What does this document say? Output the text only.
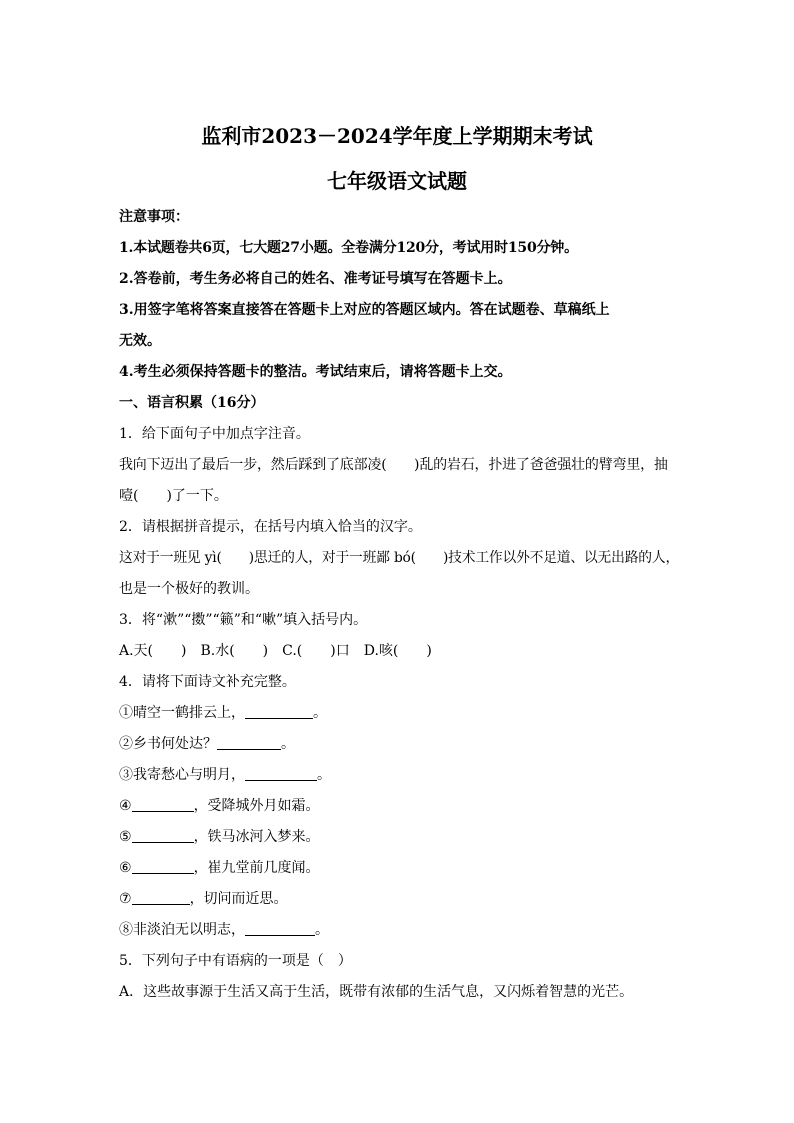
监利市2023－2024学年度上学期期末考试
七年级语文试题
注意事项：
1.本试题卷共6页，七大题27小题。全卷满分120分，考试用时150分钟。
2.答卷前，考生务必将自己的姓名、准考证号填写在答题卡上。
3.用签字笔将答案直接答在答题卡上对应的答题区域内。答在试题卷、草稿纸上
无效。
4.考生必须保持答题卡的整洁。考试结束后，请将答题卡上交。
一、语言积累（16分）
1．给下面句子中加点字注音。
我向下迈出了最后一步，然后踩到了底部凌(　　)乱的岩石，扑进了爸爸强壮的臂弯里，抽
噎(　　)了一下。
2．请根据拼音提示，在括号内填入恰当的汉字。
这对于一班见 yì(　　)思迁的人，对于一班鄙 bó(　　)技术工作以外不足道、以无出路的人，
也是一个极好的教训。
3．将“漱”“擞”“籁”和“嗽”填入括号内。
A.天(　　)　B.水(　　)　C.(　　)口　D.咳(　　)
4．请将下面诗文补充完整。
①晴空一鹤排云上，	。
②乡书何处达？	。
③我寄愁心与明月，	。
④	，受降城外月如霜。
⑤	，铁马冰河入梦来。
⑥	，崔九堂前几度闻。
⑦	，切问而近思。
⑧非淡泊无以明志，	。
5．下列句子中有语病的一项是（　）
A．这些故事源于生活又高于生活，既带有浓郁的生活气息，又闪烁着智慧的光芒。
